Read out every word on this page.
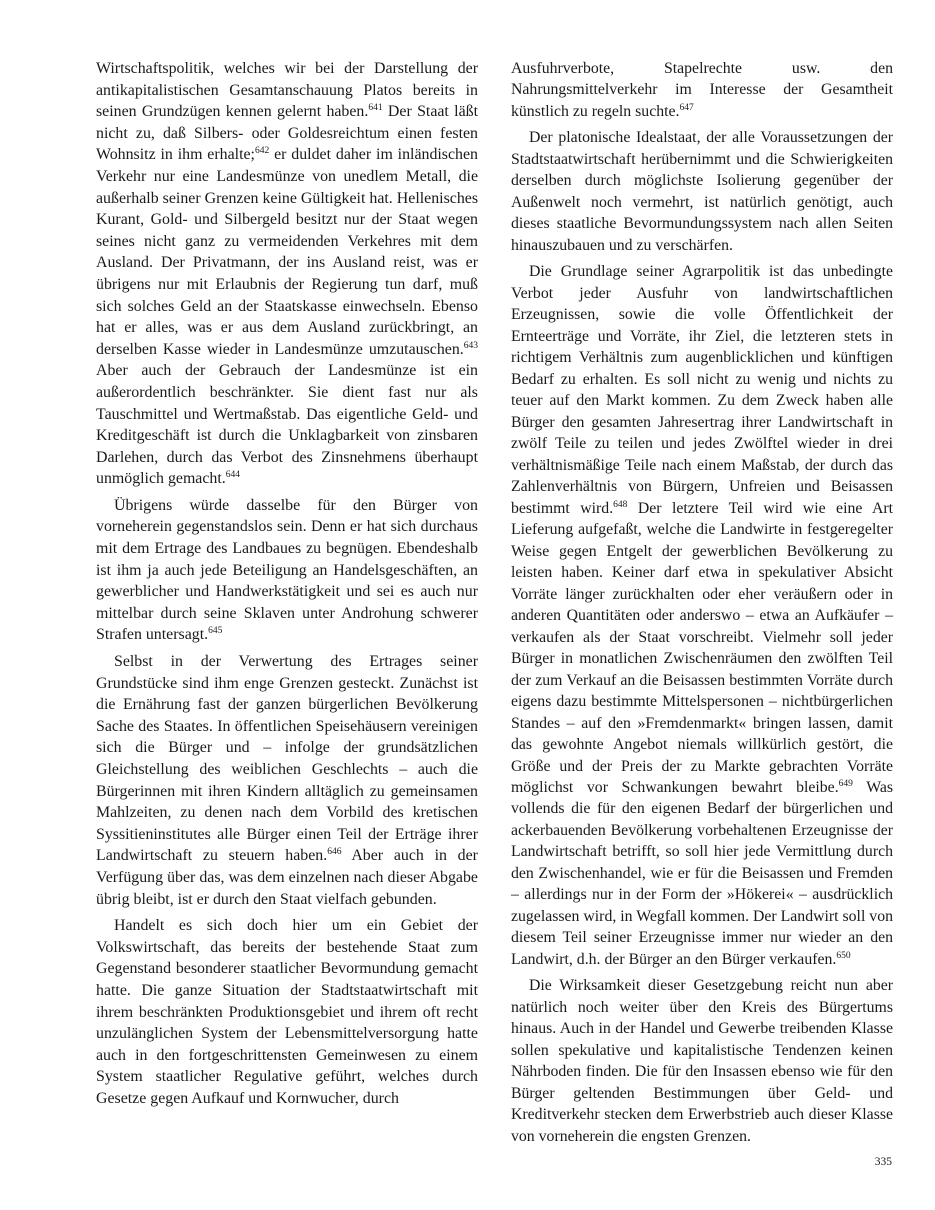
Wirtschaftspolitik, welches wir bei der Darstellung der antikapitalistischen Gesamtanschauung Platos bereits in seinen Grundzügen kennen gelernt haben.$^{641}$ Der Staat läßt nicht zu, daß Silbers- oder Goldesreichtum einen festen Wohnsitz in ihm erhalte;$^{642}$ er duldet daher im inländischen Verkehr nur eine Landesmünze von unedlem Metall, die außerhalb seiner Grenzen keine Gültigkeit hat. Hellenisches Kurant, Gold- und Silbergeld besitzt nur der Staat wegen seines nicht ganz zu vermeidenden Verkehres mit dem Ausland. Der Privatmann, der ins Ausland reist, was er übrigens nur mit Erlaubnis der Regierung tun darf, muß sich solches Geld an der Staatskasse einwechseln. Ebenso hat er alles, was er aus dem Ausland zurückbringt, an derselben Kasse wieder in Landesmünze umzutauschen.$^{643}$ Aber auch der Gebrauch der Landesmünze ist ein außerordentlich beschränkter. Sie dient fast nur als Tauschmittel und Wertmaßstab. Das eigentliche Geld- und Kreditgeschäft ist durch die Unklagbarkeit von zinsbaren Darlehen, durch das Verbot des Zinsnehmens überhaupt unmöglich gemacht.$^{644}$

Übrigens würde dasselbe für den Bürger von vorneherein gegenstandslos sein. Denn er hat sich durchaus mit dem Ertrage des Landbaues zu begnügen. Ebendeshalb ist ihm ja auch jede Beteiligung an Handelsgeschäften, an gewerblicher und Handwerkstätigkeit und sei es auch nur mittelbar durch seine Sklaven unter Androhung schwerer Strafen untersagt.$^{645}$

Selbst in der Verwertung des Ertrages seiner Grundstücke sind ihm enge Grenzen gesteckt. Zunächst ist die Ernährung fast der ganzen bürgerlichen Bevölkerung Sache des Staates. In öffentlichen Speisehäusern vereinigen sich die Bürger und – infolge der grundsätzlichen Gleichstellung des weiblichen Geschlechts – auch die Bürgerinnen mit ihren Kindern alltäglich zu gemeinsamen Mahlzeiten, zu denen nach dem Vorbild des kretischen Syssitieninstitutes alle Bürger einen Teil der Erträge ihrer Landwirtschaft zu steuern haben.$^{646}$ Aber auch in der Verfügung über das, was dem einzelnen nach dieser Abgabe übrig bleibt, ist er durch den Staat vielfach gebunden.

Handelt es sich doch hier um ein Gebiet der Volkswirtschaft, das bereits der bestehende Staat zum Gegenstand besonderer staatlicher Bevormundung gemacht hatte. Die ganze Situation der Stadtstaatwirtschaft mit ihrem beschränkten Produktionsgebiet und ihrem oft recht unzulänglichen System der Lebensmittelversorgung hatte auch in den fortgeschrittensten Gemeinwesen zu einem System staatlicher Regulative geführt, welches durch Gesetze gegen Aufkauf und Kornwucher, durch

Ausfuhrverbote, Stapelrechte usw. den Nahrungsmittelverkehr im Interesse der Gesamtheit künstlich zu regeln suchte.$^{647}$

Der platonische Idealstaat, der alle Voraussetzungen der Stadtstaatwirtschaft herübernimmt und die Schwierigkeiten derselben durch möglichste Isolierung gegenüber der Außenwelt noch vermehrt, ist natürlich genötigt, auch dieses staatliche Bevormundungssystem nach allen Seiten hinauszubauen und zu verschärfen.

Die Grundlage seiner Agrarpolitik ist das unbedingte Verbot jeder Ausfuhr von landwirtschaftlichen Erzeugnissen, sowie die volle Öffentlichkeit der Ernteerträge und Vorräte, ihr Ziel, die letzteren stets in richtigem Verhältnis zum augenblicklichen und künftigen Bedarf zu erhalten. Es soll nicht zu wenig und nichts zu teuer auf den Markt kommen. Zu dem Zweck haben alle Bürger den gesamten Jahresertrag ihrer Landwirtschaft in zwölf Teile zu teilen und jedes Zwölftel wieder in drei verhältnismäßige Teile nach einem Maßstab, der durch das Zahlenverhältnis von Bürgern, Unfreien und Beisassen bestimmt wird.$^{648}$ Der letztere Teil wird wie eine Art Lieferung aufgefaßt, welche die Landwirte in festgeregelter Weise gegen Entgelt der gewerblichen Bevölkerung zu leisten haben. Keiner darf etwa in spekulativer Absicht Vorräte länger zurückhalten oder eher veräußern oder in anderen Quantitäten oder anderswo – etwa an Aufkäufer – verkaufen als der Staat vorschreibt. Vielmehr soll jeder Bürger in monatlichen Zwischenräumen den zwölften Teil der zum Verkauf an die Beisassen bestimmten Vorräte durch eigens dazu bestimmte Mittelspersonen – nichtbürgerlichen Standes – auf den »Fremdenmarkt« bringen lassen, damit das gewohnte Angebot niemals willkürlich gestört, die Größe und der Preis der zu Markte gebrachten Vorräte möglichst vor Schwankungen bewahrt bleibe.$^{649}$ Was vollends die für den eigenen Bedarf der bürgerlichen und ackerbauenden Bevölkerung vorbehaltenen Erzeugnisse der Landwirtschaft betrifft, so soll hier jede Vermittlung durch den Zwischenhandel, wie er für die Beisassen und Fremden – allerdings nur in der Form der »Hökerei« – ausdrücklich zugelassen wird, in Wegfall kommen. Der Landwirt soll von diesem Teil seiner Erzeugnisse immer nur wieder an den Landwirt, d.h. der Bürger an den Bürger verkaufen.$^{650}$

Die Wirksamkeit dieser Gesetzgebung reicht nun aber natürlich noch weiter über den Kreis des Bürgertums hinaus. Auch in der Handel und Gewerbe treibenden Klasse sollen spekulative und kapitalistische Tendenzen keinen Nährboden finden. Die für den Insassen ebenso wie für den Bürger geltenden Bestimmungen über Geld- und Kreditverkehr stecken dem Erwerbstrieb auch dieser Klasse von vorneherein die engsten Grenzen.

335
